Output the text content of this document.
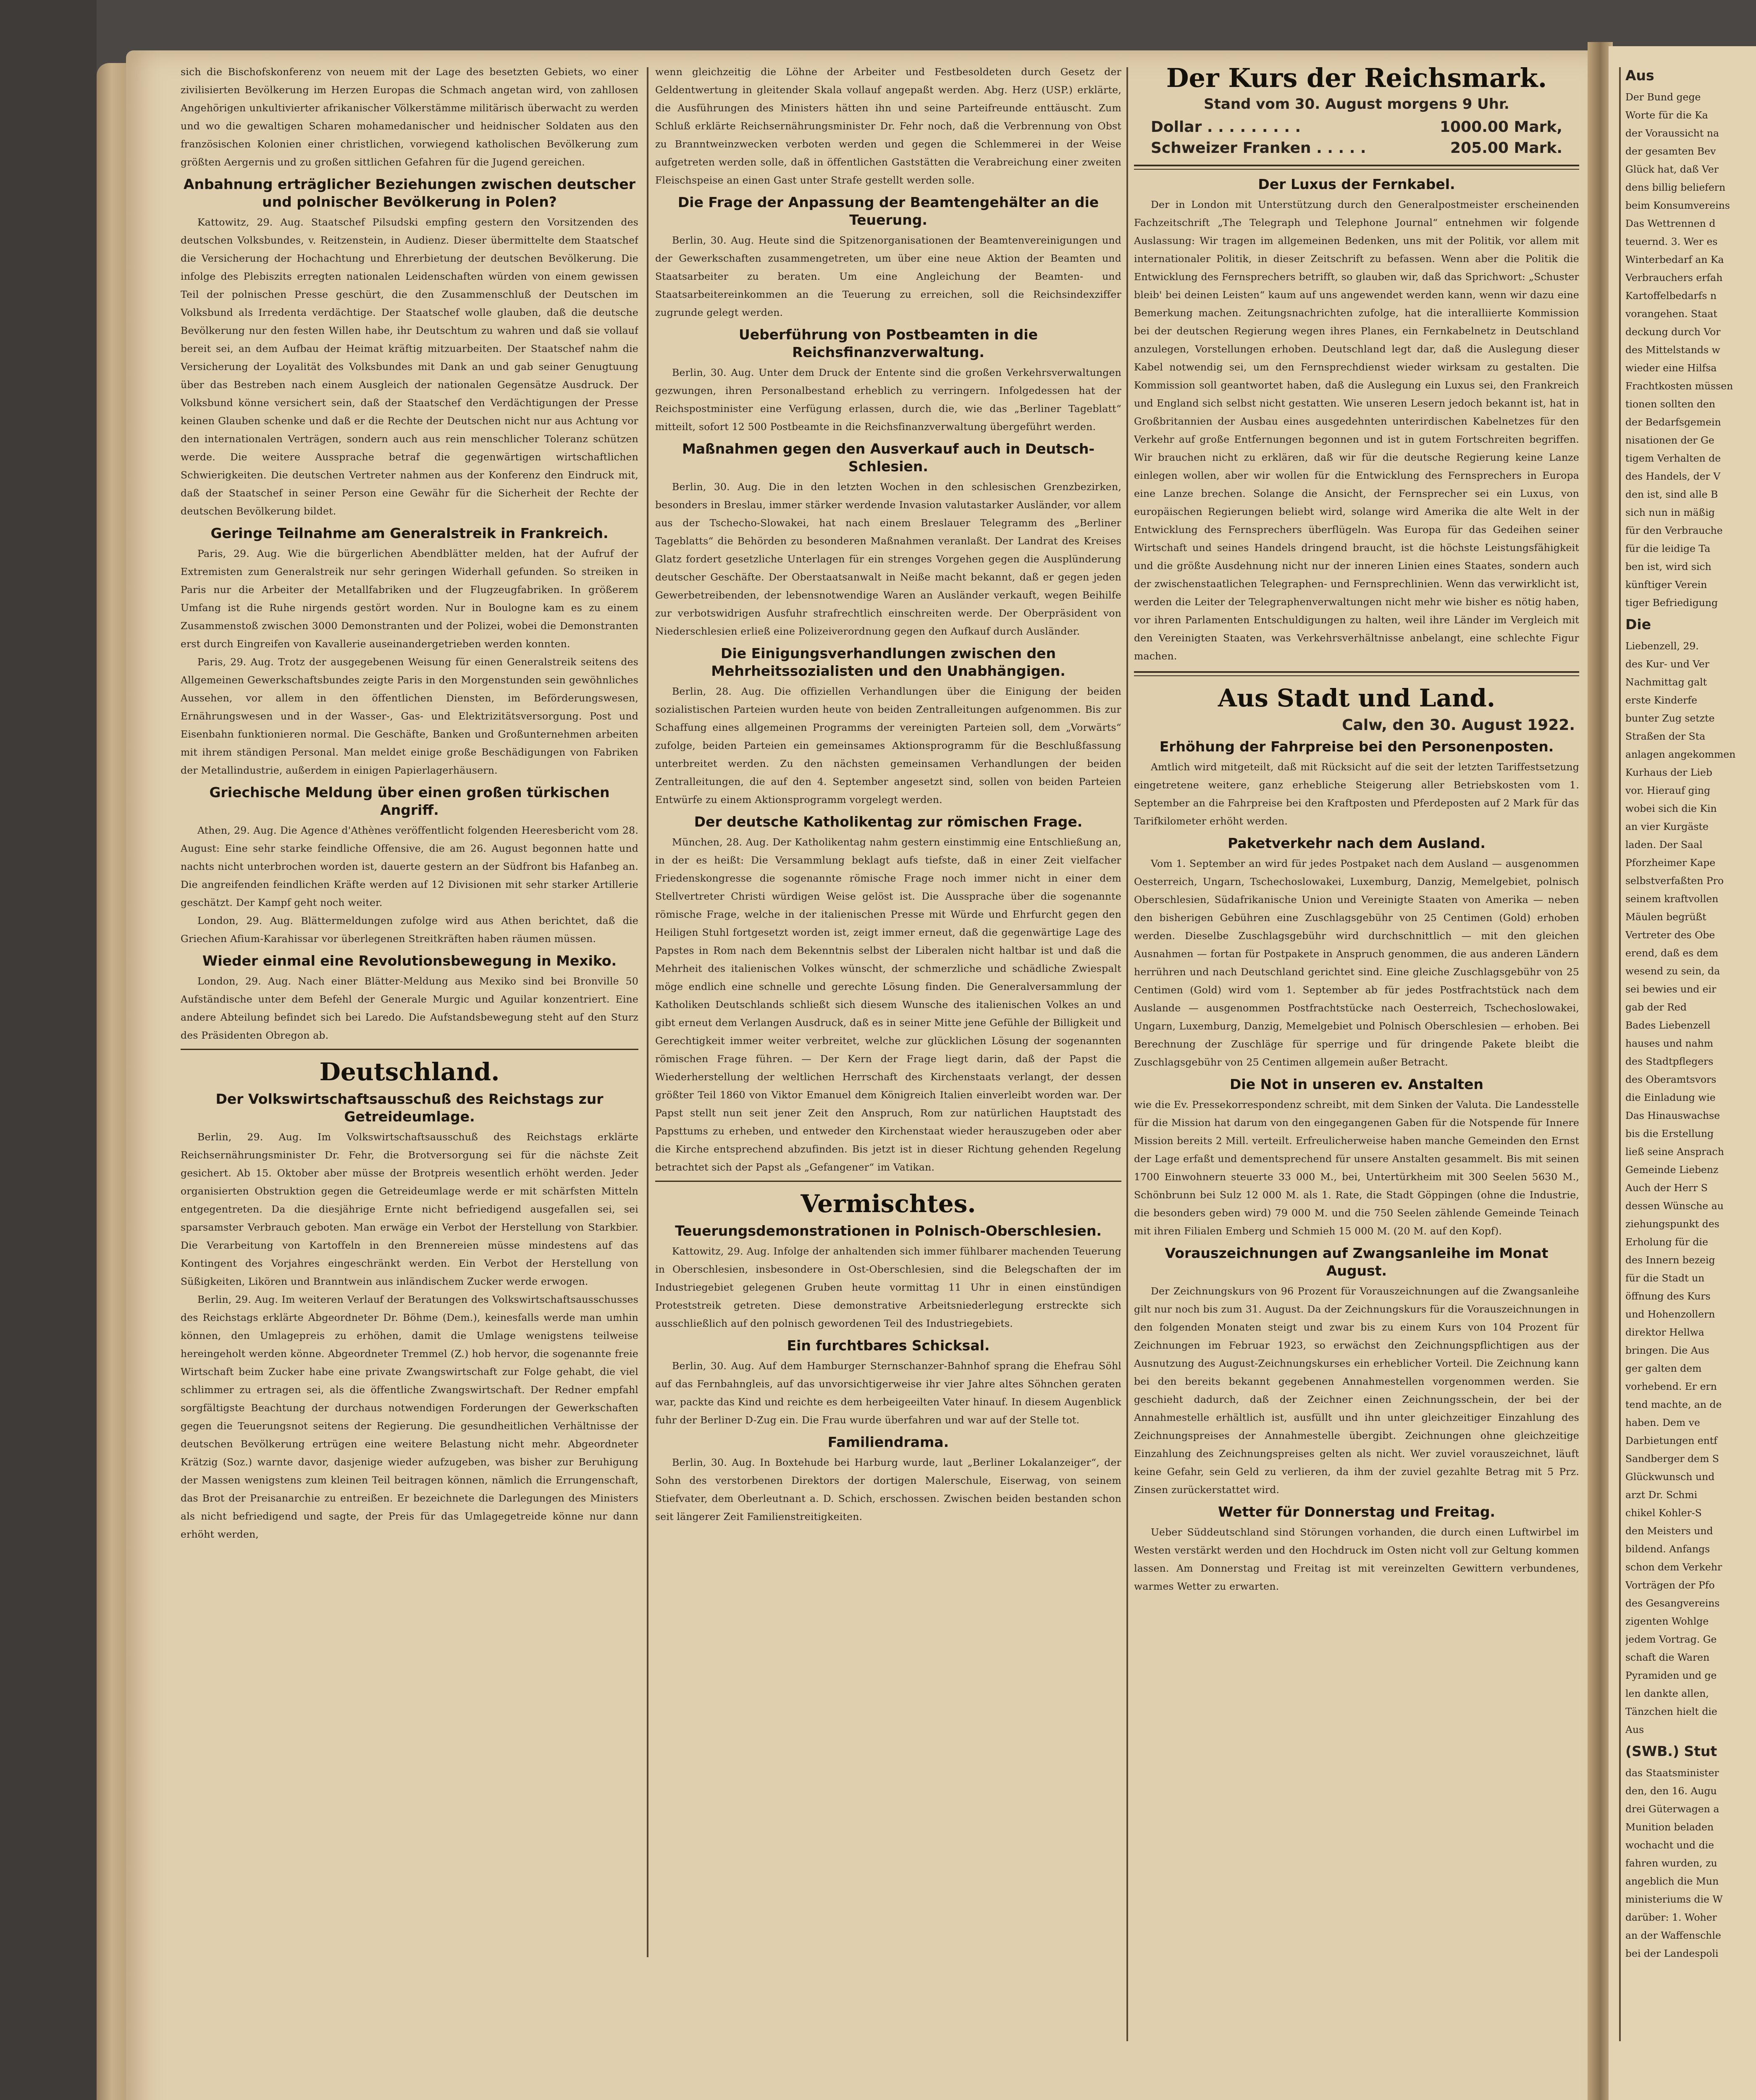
sich die Bischofskonferenz von neuem mit der Lage des besetzten Gebiets, wo einer zivilisierten Bevölkerung im Herzen Europas die Schmach angetan wird, von zahllosen Angehörigen unkultivierter afrikanischer Völkerstämme militärisch überwacht zu werden und wo die gewaltigen Scharen mohamedanischer und heidnischer Soldaten aus den französischen Kolonien einer christlichen, vorwiegend katholischen Bevölkerung zum größten Aergernis und zu großen sittlichen Gefahren für die Jugend gereichen.

Anbahnung erträglicher Beziehungen zwischen deutscher und polnischer Bevölkerung in Polen?

Kattowitz, 29. Aug. Staatschef Pilsudski empfing gestern den Vorsitzenden des deutschen Volksbundes, v. Reitzenstein, in Audienz. Dieser übermittelte dem Staatschef die Versicherung der Hochachtung und Ehrerbietung der deutschen Bevölkerung. Die infolge des Plebiszits erregten nationalen Leidenschaften würden von einem gewissen Teil der polnischen Presse geschürt, die den Zusammenschluß der Deutschen im Volksbund als Irredenta verdächtige. Der Staatschef wolle glauben, daß die deutsche Bevölkerung nur den festen Willen habe, ihr Deutschtum zu wahren und daß sie vollauf bereit sei, an dem Aufbau der Heimat kräftig mitzuarbeiten. Der Staatschef nahm die Versicherung der Loyalität des Volksbundes mit Dank an und gab seiner Genugtuung über das Bestreben nach einem Ausgleich der nationalen Gegensätze Ausdruck. Der Volksbund könne versichert sein, daß der Staatschef den Verdächtigungen der Presse keinen Glauben schenke und daß er die Rechte der Deutschen nicht nur aus Achtung vor den internationalen Verträgen, sondern auch aus rein menschlicher Toleranz schützen werde. Die weitere Aussprache betraf die gegenwärtigen wirtschaftlichen Schwierigkeiten. Die deutschen Vertreter nahmen aus der Konferenz den Eindruck mit, daß der Staatschef in seiner Person eine Gewähr für die Sicherheit der Rechte der deutschen Bevölkerung bildet.

Geringe Teilnahme am Generalstreik in Frankreich.

Paris, 29. Aug. Wie die bürgerlichen Abendblätter melden, hat der Aufruf der Extremisten zum Generalstreik nur sehr geringen Widerhall gefunden. So streiken in Paris nur die Arbeiter der Metallfabriken und der Flugzeugfabriken. In größerem Umfang ist die Ruhe nirgends gestört worden. Nur in Boulogne kam es zu einem Zusammenstoß zwischen 3000 Demonstranten und der Polizei, wobei die Demonstranten erst durch Eingreifen von Kavallerie auseinandergetrieben werden konnten.

Paris, 29. Aug. Trotz der ausgegebenen Weisung für einen Generalstreik seitens des Allgemeinen Gewerkschaftsbundes zeigte Paris in den Morgenstunden sein gewöhnliches Aussehen, vor allem in den öffentlichen Diensten, im Beförderungswesen, Ernährungswesen und in der Wasser-, Gas- und Elektrizitätsversorgung. Post und Eisenbahn funktionieren normal. Die Geschäfte, Banken und Großunternehmen arbeiten mit ihrem ständigen Personal. Man meldet einige große Beschädigungen von Fabriken der Metallindustrie, außerdem in einigen Papierlagerhäusern.

Griechische Meldung über einen großen türkischen Angriff.

Athen, 29. Aug. Die Agence d'Athènes veröffentlicht folgenden Heeresbericht vom 28. August: Eine sehr starke feindliche Offensive, die am 26. August begonnen hatte und nachts nicht unterbrochen worden ist, dauerte gestern an der Südfront bis Hafanbeg an. Die angreifenden feindlichen Kräfte werden auf 12 Divisionen mit sehr starker Artillerie geschätzt. Der Kampf geht noch weiter.

London, 29. Aug. Blättermeldungen zufolge wird aus Athen berichtet, daß die Griechen Afium-Karahissar vor überlegenen Streitkräften haben räumen müssen.

Wieder einmal eine Revolutionsbewegung in Mexiko.

London, 29. Aug. Nach einer Blätter-Meldung aus Mexiko sind bei Bronville 50 Aufständische unter dem Befehl der Generale Murgic und Aguilar konzentriert. Eine andere Abteilung befindet sich bei Laredo. Die Aufstandsbewegung steht auf den Sturz des Präsidenten Obregon ab.

Deutschland.
Der Volkswirtschaftsausschuß des Reichstags zur Getreideumlage.

Berlin, 29. Aug. Im Volkswirtschaftsausschuß des Reichstags erklärte Reichsernährungsminister Dr. Fehr, die Brotversorgung sei für die nächste Zeit gesichert. Ab 15. Oktober aber müsse der Brotpreis wesentlich erhöht werden. Jeder organisierten Obstruktion gegen die Getreideumlage werde er mit schärfsten Mitteln entgegentreten. Da die diesjährige Ernte nicht befriedigend ausgefallen sei, sei sparsamster Verbrauch geboten. Man erwäge ein Verbot der Herstellung von Starkbier. Die Verarbeitung von Kartoffeln in den Brennereien müsse mindestens auf das Kontingent des Vorjahres eingeschränkt werden. Ein Verbot der Herstellung von Süßigkeiten, Likören und Branntwein aus inländischem Zucker werde erwogen.

Berlin, 29. Aug. Im weiteren Verlauf der Beratungen des Volkswirtschaftsausschusses des Reichstags erklärte Abgeordneter Dr. Böhme (Dem.), keinesfalls werde man umhin können, den Umlagepreis zu erhöhen, damit die Umlage wenigstens teilweise hereingeholt werden könne. Abgeordneter Tremmel (Z.) hob hervor, die sogenannte freie Wirtschaft beim Zucker habe eine private Zwangswirtschaft zur Folge gehabt, die viel schlimmer zu ertragen sei, als die öffentliche Zwangswirtschaft. Der Redner empfahl sorgfältigste Beachtung der durchaus notwendigen Forderungen der Gewerkschaften gegen die Teuerungsnot seitens der Regierung. Die gesundheitlichen Verhältnisse der deutschen Bevölkerung ertrügen eine weitere Belastung nicht mehr. Abgeordneter Krätzig (Soz.) warnte davor, dasjenige wieder aufzugeben, was bisher zur Beruhigung der Massen wenigstens zum kleinen Teil beitragen können, nämlich die Errungenschaft, das Brot der Preisanarchie zu entreißen. Er bezeichnete die Darlegungen des Ministers als nicht befriedigend und sagte, der Preis für das Umlagegetreide könne nur dann erhöht werden,

wenn gleichzeitig die Löhne der Arbeiter und Festbesoldeten durch Gesetz der Geldentwertung in gleitender Skala vollauf angepaßt werden. Abg. Herz (USP.) erklärte, die Ausführungen des Ministers hätten ihn und seine Parteifreunde enttäuscht. Zum Schluß erklärte Reichsernährungsminister Dr. Fehr noch, daß die Verbrennung von Obst zu Branntweinzwecken verboten werden und gegen die Schlemmerei in der Weise aufgetreten werden solle, daß in öffentlichen Gaststätten die Verabreichung einer zweiten Fleischspeise an einen Gast unter Strafe gestellt werden solle.

Die Frage der Anpassung der Beamtengehälter an die Teuerung.

Berlin, 30. Aug. Heute sind die Spitzenorganisationen der Beamtenvereinigungen und der Gewerkschaften zusammengetreten, um über eine neue Aktion der Beamten und Staatsarbeiter zu beraten. Um eine Angleichung der Beamten- und Staatsarbeitereinkommen an die Teuerung zu erreichen, soll die Reichsindexziffer zugrunde gelegt werden.

Ueberführung von Postbeamten in die Reichsfinanzverwaltung.

Berlin, 30. Aug. Unter dem Druck der Entente sind die großen Verkehrsverwaltungen gezwungen, ihren Personalbestand erheblich zu verringern. Infolgedessen hat der Reichspostminister eine Verfügung erlassen, durch die, wie das „Berliner Tageblatt“ mitteilt, sofort 12 500 Postbeamte in die Reichsfinanzverwaltung übergeführt werden.

Maßnahmen gegen den Ausverkauf auch in Deutsch-Schlesien.

Berlin, 30. Aug. Die in den letzten Wochen in den schlesischen Grenzbezirken, besonders in Breslau, immer stärker werdende Invasion valutastarker Ausländer, vor allem aus der Tschecho-Slowakei, hat nach einem Breslauer Telegramm des „Berliner Tageblatts“ die Behörden zu besonderen Maßnahmen veranlaßt. Der Landrat des Kreises Glatz fordert gesetzliche Unterlagen für ein strenges Vorgehen gegen die Ausplünderung deutscher Geschäfte. Der Oberstaatsanwalt in Neiße macht bekannt, daß er gegen jeden Gewerbetreibenden, der lebensnotwendige Waren an Ausländer verkauft, wegen Beihilfe zur verbotswidrigen Ausfuhr strafrechtlich einschreiten werde. Der Oberpräsident von Niederschlesien erließ eine Polizeiverordnung gegen den Aufkauf durch Ausländer.

Die Einigungsverhandlungen zwischen den Mehrheitssozialisten und den Unabhängigen.

Berlin, 28. Aug. Die offiziellen Verhandlungen über die Einigung der beiden sozialistischen Parteien wurden heute von beiden Zentralleitungen aufgenommen. Bis zur Schaffung eines allgemeinen Programms der vereinigten Parteien soll, dem „Vorwärts“ zufolge, beiden Parteien ein gemeinsames Aktionsprogramm für die Beschlußfassung unterbreitet werden. Zu den nächsten gemeinsamen Verhandlungen der beiden Zentralleitungen, die auf den 4. September angesetzt sind, sollen von beiden Parteien Entwürfe zu einem Aktionsprogramm vorgelegt werden.

Der deutsche Katholikentag zur römischen Frage.

München, 28. Aug. Der Katholikentag nahm gestern einstimmig eine Entschließung an, in der es heißt: Die Versammlung beklagt aufs tiefste, daß in einer Zeit vielfacher Friedenskongresse die sogenannte römische Frage noch immer nicht in einer dem Stellvertreter Christi würdigen Weise gelöst ist. Die Aussprache über die sogenannte römische Frage, welche in der italienischen Presse mit Würde und Ehrfurcht gegen den Heiligen Stuhl fortgesetzt worden ist, zeigt immer erneut, daß die gegenwärtige Lage des Papstes in Rom nach dem Bekenntnis selbst der Liberalen nicht haltbar ist und daß die Mehrheit des italienischen Volkes wünscht, der schmerzliche und schädliche Zwiespalt möge endlich eine schnelle und gerechte Lösung finden. Die Generalversammlung der Katholiken Deutschlands schließt sich diesem Wunsche des italienischen Volkes an und gibt erneut dem Verlangen Ausdruck, daß es in seiner Mitte jene Gefühle der Billigkeit und Gerechtigkeit immer weiter verbreitet, welche zur glücklichen Lösung der sogenannten römischen Frage führen. — Der Kern der Frage liegt darin, daß der Papst die Wiederherstellung der weltlichen Herrschaft des Kirchenstaats verlangt, der dessen größter Teil 1860 von Viktor Emanuel dem Königreich Italien einverleibt worden war. Der Papst stellt nun seit jener Zeit den Anspruch, Rom zur natürlichen Hauptstadt des Papsttums zu erheben, und entweder den Kirchenstaat wieder herauszugeben oder aber die Kirche entsprechend abzufinden. Bis jetzt ist in dieser Richtung gehenden Regelung betrachtet sich der Papst als „Gefangener“ im Vatikan.

Vermischtes.
Teuerungsdemonstrationen in Polnisch-Oberschlesien.

Kattowitz, 29. Aug. Infolge der anhaltenden sich immer fühlbarer machenden Teuerung in Oberschlesien, insbesondere in Ost-Oberschlesien, sind die Belegschaften der im Industriegebiet gelegenen Gruben heute vormittag 11 Uhr in einen einstündigen Proteststreik getreten. Diese demonstrative Arbeitsniederlegung erstreckte sich ausschließlich auf den polnisch gewordenen Teil des Industriegebiets.

Ein furchtbares Schicksal.

Berlin, 30. Aug. Auf dem Hamburger Sternschanzer-Bahnhof sprang die Ehefrau Söhl auf das Fernbahngleis, auf das unvorsichtigerweise ihr vier Jahre altes Söhnchen geraten war, packte das Kind und reichte es dem herbeigeeilten Vater hinauf. In diesem Augenblick fuhr der Berliner D-Zug ein. Die Frau wurde überfahren und war auf der Stelle tot.

Familiendrama.

Berlin, 30. Aug. In Boxtehude bei Harburg wurde, laut „Berliner Lokalanzeiger“, der Sohn des verstorbenen Direktors der dortigen Malerschule, Eiserwag, von seinem Stiefvater, dem Oberleutnant a. D. Schich, erschossen. Zwischen beiden bestanden schon seit längerer Zeit Familienstreitigkeiten.

Der Kurs der Reichsmark.
Stand vom 30. August morgens 9 Uhr.
Dollar . . . . . . . . .	1000.00 Mark,
Schweizer Franken . . . . .	205.00 Mark.
Der Luxus der Fernkabel.

Der in London mit Unterstützung durch den Generalpostmeister erscheinenden Fachzeitschrift „The Telegraph und Telephone Journal“ entnehmen wir folgende Auslassung: Wir tragen im allgemeinen Bedenken, uns mit der Politik, vor allem mit internationaler Politik, in dieser Zeitschrift zu befassen. Wenn aber die Politik die Entwicklung des Fernsprechers betrifft, so glauben wir, daß das Sprichwort: „Schuster bleib' bei deinen Leisten“ kaum auf uns angewendet werden kann, wenn wir dazu eine Bemerkung machen. Zeitungsnachrichten zufolge, hat die interalliierte Kommission bei der deutschen Regierung wegen ihres Planes, ein Fernkabelnetz in Deutschland anzulegen, Vorstellungen erhoben. Deutschland legt dar, daß die Auslegung dieser Kabel notwendig sei, um den Fernsprechdienst wieder wirksam zu gestalten. Die Kommission soll geantwortet haben, daß die Auslegung ein Luxus sei, den Frankreich und England sich selbst nicht gestatten. Wie unseren Lesern jedoch bekannt ist, hat in Großbritannien der Ausbau eines ausgedehnten unterirdischen Kabelnetzes für den Verkehr auf große Entfernungen begonnen und ist in gutem Fortschreiten begriffen. Wir brauchen nicht zu erklären, daß wir für die deutsche Regierung keine Lanze einlegen wollen, aber wir wollen für die Entwicklung des Fernsprechers in Europa eine Lanze brechen. Solange die Ansicht, der Fernsprecher sei ein Luxus, von europäischen Regierungen beliebt wird, solange wird Amerika die alte Welt in der Entwicklung des Fernsprechers überflügeln. Was Europa für das Gedeihen seiner Wirtschaft und seines Handels dringend braucht, ist die höchste Leistungsfähigkeit und die größte Ausdehnung nicht nur der inneren Linien eines Staates, sondern auch der zwischenstaatlichen Telegraphen- und Fernsprechlinien. Wenn das verwirklicht ist, werden die Leiter der Telegraphenverwaltungen nicht mehr wie bisher es nötig haben, vor ihren Parlamenten Entschuldigungen zu halten, weil ihre Länder im Vergleich mit den Vereinigten Staaten, was Verkehrsverhältnisse anbelangt, eine schlechte Figur machen.

Aus Stadt und Land.
Calw, den 30. August 1922.
Erhöhung der Fahrpreise bei den Personenposten.

Amtlich wird mitgeteilt, daß mit Rücksicht auf die seit der letzten Tariffestsetzung eingetretene weitere, ganz erhebliche Steigerung aller Betriebskosten vom 1. September an die Fahrpreise bei den Kraftposten und Pferdeposten auf 2 Mark für das Tarifkilometer erhöht werden.

Paketverkehr nach dem Ausland.

Vom 1. September an wird für jedes Postpaket nach dem Ausland — ausgenommen Oesterreich, Ungarn, Tschechoslowakei, Luxemburg, Danzig, Memelgebiet, polnisch Oberschlesien, Südafrikanische Union und Vereinigte Staaten von Amerika — neben den bisherigen Gebühren eine Zuschlagsgebühr von 25 Centimen (Gold) erhoben werden. Dieselbe Zuschlagsgebühr wird durchschnittlich — mit den gleichen Ausnahmen — fortan für Postpakete in Anspruch genommen, die aus anderen Ländern herrühren und nach Deutschland gerichtet sind. Eine gleiche Zuschlagsgebühr von 25 Centimen (Gold) wird vom 1. September ab für jedes Postfrachtstück nach dem Auslande — ausgenommen Postfrachtstücke nach Oesterreich, Tschechoslowakei, Ungarn, Luxemburg, Danzig, Memelgebiet und Polnisch Oberschlesien — erhoben. Bei Berechnung der Zuschläge für sperrige und für dringende Pakete bleibt die Zuschlagsgebühr von 25 Centimen allgemein außer Betracht.

Die Not in unseren ev. Anstalten

wie die Ev. Pressekorrespondenz schreibt, mit dem Sinken der Valuta. Die Landesstelle für die Mission hat darum von den eingegangenen Gaben für die Notspende für Innere Mission bereits 2 Mill. verteilt. Erfreulicherweise haben manche Gemeinden den Ernst der Lage erfaßt und dementsprechend für unsere Anstalten gesammelt. Bis mit seinen 1700 Einwohnern steuerte 33 000 M., bei, Untertürkheim mit 300 Seelen 5630 M., Schönbrunn bei Sulz 12 000 M. als 1. Rate, die Stadt Göppingen (ohne die Industrie, die besonders geben wird) 79 000 M. und die 750 Seelen zählende Gemeinde Teinach mit ihren Filialen Emberg und Schmieh 15 000 M. (20 M. auf den Kopf).

Vorauszeichnungen auf Zwangsanleihe im Monat August.

Der Zeichnungskurs von 96 Prozent für Vorauszeichnungen auf die Zwangsanleihe gilt nur noch bis zum 31. August. Da der Zeichnungskurs für die Vorauszeichnungen in den folgenden Monaten steigt und zwar bis zu einem Kurs von 104 Prozent für Zeichnungen im Februar 1923, so erwächst den Zeichnungspflichtigen aus der Ausnutzung des August-Zeichnungskurses ein erheblicher Vorteil. Die Zeichnung kann bei den bereits bekannt gegebenen Annahmestellen vorgenommen werden. Sie geschieht dadurch, daß der Zeichner einen Zeichnungsschein, der bei der Annahmestelle erhältlich ist, ausfüllt und ihn unter gleichzeitiger Einzahlung des Zeichnungspreises der Annahmestelle übergibt. Zeichnungen ohne gleichzeitige Einzahlung des Zeichnungspreises gelten als nicht. Wer zuviel vorauszeichnet, läuft keine Gefahr, sein Geld zu verlieren, da ihm der zuviel gezahlte Betrag mit 5 Prz. Zinsen zurückerstattet wird.

Wetter für Donnerstag und Freitag.

Ueber Süddeutschland sind Störungen vorhanden, die durch einen Luftwirbel im Westen verstärkt werden und den Hochdruck im Osten nicht voll zur Geltung kommen lassen. Am Donnerstag und Freitag ist mit vereinzelten Gewittern verbundenes, warmes Wetter zu erwarten.

Aus
Der Bund gege
Worte für die Ka
der Voraussicht na
der gesamten Bev
Glück hat, daß Ver
dens billig beliefern
beim Konsumvereins
Das Wettrennen d
teuernd. 3. Wer es
Winterbedarf an Ka
Verbrauchers erfah
Kartoffelbedarfs n
vorangehen. Staat
deckung durch Vor
des Mittelstands w
wieder eine Hilfsa
Frachtkosten müssen
tionen sollten den
der Bedarfsgemein
nisationen der Ge
tigem Verhalten de
des Handels, der V
den ist, sind alle B
sich nun in mäßig
für den Verbrauche
für die leidige Ta
ben ist, wird sich
künftiger Verein
tiger Befriedigung
Die
Liebenzell, 29.
des Kur- und Ver
Nachmittag galt
erste Kinderfe
bunter Zug setzte
Straßen der Sta
anlagen angekommen
Kurhaus der Lieb
vor. Hierauf ging
wobei sich die Kin
an vier Kurgäste
laden. Der Saal
Pforzheimer Kape
selbstverfaßten Pro
seinem kraftvollen
Mäulen begrüßt
Vertreter des Obe
erend, daß es dem
wesend zu sein, da
sei bewies und eir
gab der Red
Bades Liebenzell
hauses und nahm
des Stadtpflegers
des Oberamtsvors
die Einladung wie
Das Hinauswachse
bis die Erstellung
ließ seine Ansprach
Gemeinde Liebenz
Auch der Herr S
dessen Wünsche au
ziehungspunkt des
Erholung für die
des Innern bezeig
für die Stadt un
öffnung des Kurs
und Hohenzollern
direktor Hellwa
bringen. Die Aus
ger galten dem
vorhebend. Er ern
tend machte, an de
haben. Dem ve
Darbietungen entf
Sandberger dem S
Glückwunsch und
arzt Dr. Schmi
chikel Kohler-S
den Meisters und
bildend. Anfangs
schon dem Verkehr
Vorträgen der Pfo
des Gesangvereins
zigenten Wohlge
jedem Vortrag. Ge
schaft die Waren
Pyramiden und ge
len dankte allen,
Tänzchen hielt die
Aus
(SWB.) Stut
das Staatsminister
den, den 16. Augu
drei Güterwagen a
Munition beladen
wochacht und die
fahren wurden, zu
angeblich die Mun
ministeriums die W
darüber: 1. Woher
an der Waffenschle
bei der Landespoli
